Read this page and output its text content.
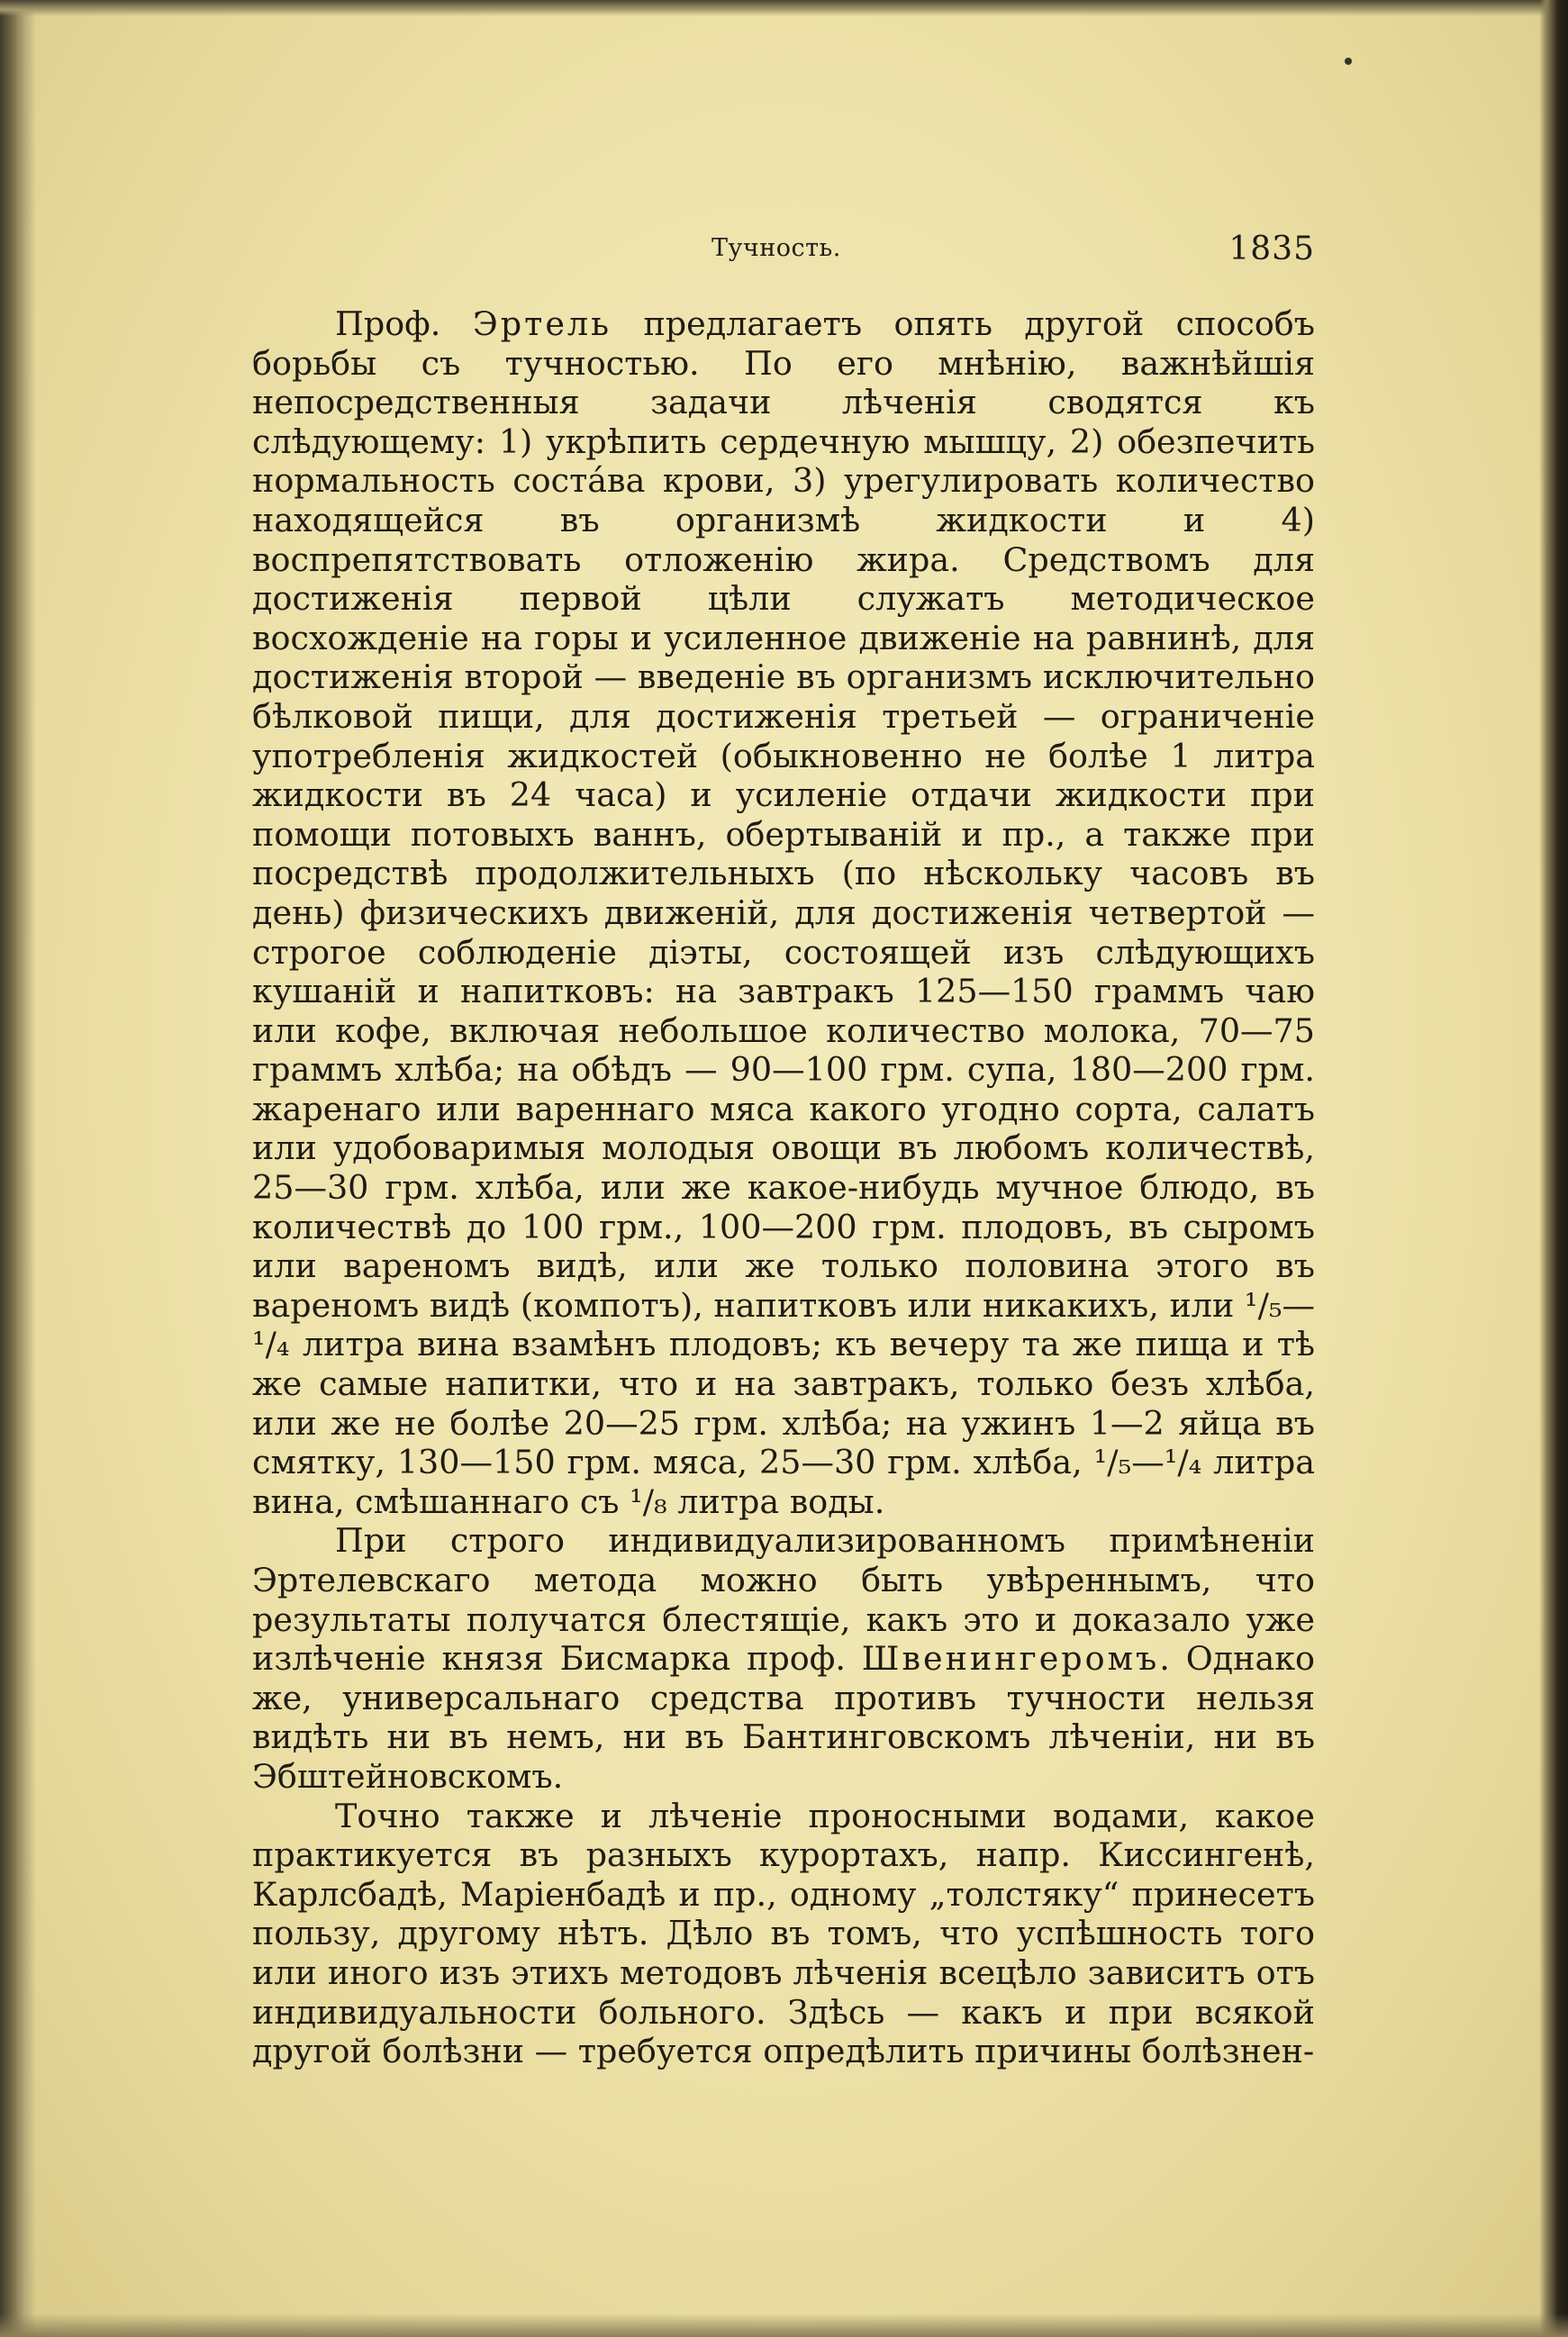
Тучность.	1835

Проф. Эртель предлагаетъ опять другой способъ борьбы съ тучностью. По его мнѣнію, важнѣйшія непосредственныя задачи лѣченія сводятся къ слѣдующему: 1) укрѣпить сердечную мышцу, 2) обезпечить нормальность состáва крови, 3) урегулировать количество находящейся въ организмѣ жидкости и 4) воспрепятствовать отложенію жира. Средствомъ для достиженія первой цѣли служатъ методическое восхожденіе на горы и усиленное движеніе на равнинѣ, для достиженія второй — введеніе въ организмъ исключительно бѣлковой пищи, для достиженія третьей — ограниченіе употребленія жидкостей (обыкновенно не болѣе 1 литра жидкости въ 24 часа) и усиленіе отдачи жидкости при помощи потовыхъ ваннъ, обертываній и пр., а также при посредствѣ продолжительныхъ (по нѣскольку часовъ въ день) физическихъ движеній, для достиженія четвертой — строгое соблюденіе діэты, состоящей изъ слѣдующихъ кушаній и напитковъ: на завтракъ 125—150 граммъ чаю или кофе, включая небольшое количество молока, 70—75 граммъ хлѣба; на обѣдъ — 90—100 грм. супа, 180—200 грм. жаренаго или вареннаго мяса какого угодно сорта, салатъ или удобоваримыя молодыя овощи въ любомъ количествѣ, 25—30 грм. хлѣба, или же какое-нибудь мучное блюдо, въ количествѣ до 100 грм., 100—200 грм. плодовъ, въ сыромъ или вареномъ видѣ, или же только половина этого въ вареномъ видѣ (компотъ), напитковъ или никакихъ, или ¹/₅—¹/₄ литра вина взамѣнъ плодовъ; къ вечеру та же пища и тѣ же самые напитки, что и на завтракъ, только безъ хлѣба, или же не болѣе 20—25 грм. хлѣба; на ужинъ 1—2 яйца въ смятку, 130—150 грм. мяса, 25—30 грм. хлѣба, ¹/₅—¹/₄ литра вина, смѣшаннаго съ ¹/₈ литра воды.

При строго индивидуализированномъ примѣненіи Эртелевскаго метода можно быть увѣреннымъ, что результаты получатся блестящіе, какъ это и доказало уже излѣченіе князя Бисмарка проф. Швенингеромъ. Однако же, универсальнаго средства противъ тучности нельзя видѣть ни въ немъ, ни въ Бантинговскомъ лѣченіи, ни въ Эбштейновскомъ.

Точно также и лѣченіе проносными водами, какое практикуется въ разныхъ курортахъ, напр. Киссингенѣ, Карлсбадѣ, Маріенбадѣ и пр., одному „толстяку“ принесетъ пользу, другому нѣтъ. Дѣло въ томъ, что успѣшность того или иного изъ этихъ методовъ лѣченія всецѣло зависитъ отъ индивидуальности больного. Здѣсь — какъ и при всякой другой болѣзни — требуется опредѣлить причины болѣзнен-
